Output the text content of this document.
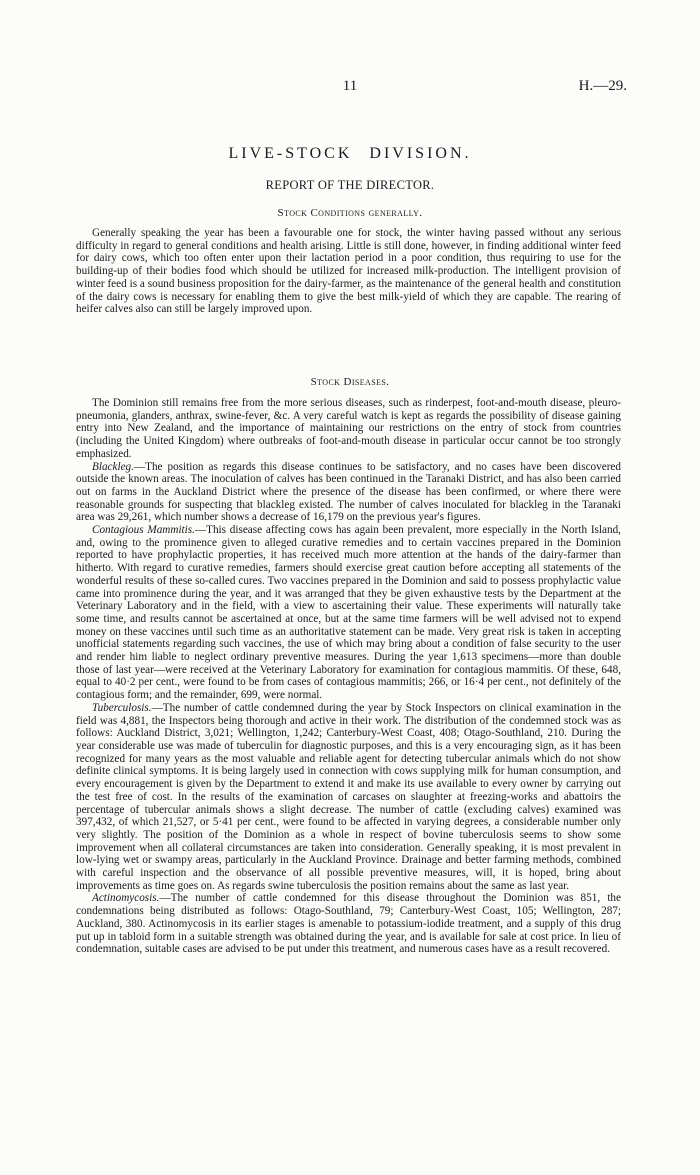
11	H.—29.
LIVE-STOCK DIVISION.
REPORT OF THE DIRECTOR.
Stock Conditions generally.

Generally speaking the year has been a favourable one for stock, the winter having passed without any serious difficulty in regard to general conditions and health arising. Little is still done, however, in finding additional winter feed for dairy cows, which too often enter upon their lactation period in a poor condition, thus requiring to use for the building-up of their bodies food which should be utilized for increased milk-production. The intelligent provision of winter feed is a sound business proposition for the dairy-farmer, as the maintenance of the general health and constitution of the dairy cows is necessary for enabling them to give the best milk-yield of which they are capable. The rearing of heifer calves also can still be largely improved upon.

Stock Diseases.

The Dominion still remains free from the more serious diseases, such as rinderpest, foot-and-mouth disease, pleuro-pneumonia, glanders, anthrax, swine-fever, &c. A very careful watch is kept as regards the possibility of disease gaining entry into New Zealand, and the importance of maintaining our restrictions on the entry of stock from countries (including the United Kingdom) where outbreaks of foot-and-mouth disease in particular occur cannot be too strongly emphasized.

Blackleg.—The position as regards this disease continues to be satisfactory, and no cases have been discovered outside the known areas. The inoculation of calves has been continued in the Taranaki District, and has also been carried out on farms in the Auckland District where the presence of the disease has been confirmed, or where there were reasonable grounds for suspecting that blackleg existed. The number of calves inoculated for blackleg in the Taranaki area was 29,261, which number shows a decrease of 16,179 on the previous year's figures.

Contagious Mammitis.—This disease affecting cows has again been prevalent, more especially in the North Island, and, owing to the prominence given to alleged curative remedies and to certain vaccines prepared in the Dominion reported to have prophylactic properties, it has received much more attention at the hands of the dairy-farmer than hitherto. With regard to curative remedies, farmers should exercise great caution before accepting all statements of the wonderful results of these so-called cures. Two vaccines prepared in the Dominion and said to possess prophylactic value came into prominence during the year, and it was arranged that they be given exhaustive tests by the Department at the Veterinary Laboratory and in the field, with a view to ascertaining their value. These experiments will naturally take some time, and results cannot be ascertained at once, but at the same time farmers will be well advised not to expend money on these vaccines until such time as an authoritative statement can be made. Very great risk is taken in accepting unofficial statements regarding such vaccines, the use of which may bring about a condition of false security to the user and render him liable to neglect ordinary preventive measures. During the year 1,613 specimens—more than double those of last year—were received at the Veterinary Laboratory for examination for contagious mammitis. Of these, 648, equal to 40·2 per cent., were found to be from cases of contagious mammitis; 266, or 16·4 per cent., not definitely of the contagious form; and the remainder, 699, were normal.

Tuberculosis.—The number of cattle condemned during the year by Stock Inspectors on clinical examination in the field was 4,881, the Inspectors being thorough and active in their work. The distribution of the condemned stock was as follows: Auckland District, 3,021; Wellington, 1,242; Canterbury-West Coast, 408; Otago-Southland, 210. During the year considerable use was made of tuberculin for diagnostic purposes, and this is a very encouraging sign, as it has been recognized for many years as the most valuable and reliable agent for detecting tubercular animals which do not show definite clinical symptoms. It is being largely used in connection with cows supplying milk for human consumption, and every encouragement is given by the Department to extend it and make its use available to every owner by carrying out the test free of cost. In the results of the examination of carcases on slaughter at freezing-works and abattoirs the percentage of tubercular animals shows a slight decrease. The number of cattle (excluding calves) examined was 397,432, of which 21,527, or 5·41 per cent., were found to be affected in varying degrees, a considerable number only very slightly. The position of the Dominion as a whole in respect of bovine tuberculosis seems to show some improvement when all collateral circumstances are taken into consideration. Generally speaking, it is most prevalent in low-lying wet or swampy areas, particularly in the Auckland Province. Drainage and better farming methods, combined with careful inspection and the observance of all possible preventive measures, will, it is hoped, bring about improvements as time goes on. As regards swine tuberculosis the position remains about the same as last year.

Actinomycosis.—The number of cattle condemned for this disease throughout the Dominion was 851, the condemnations being distributed as follows: Otago-Southland, 79; Canterbury-West Coast, 105; Wellington, 287; Auckland, 380. Actinomycosis in its earlier stages is amenable to potassium-iodide treatment, and a supply of this drug put up in tabloid form in a suitable strength was obtained during the year, and is available for sale at cost price. In lieu of condemnation, suitable cases are advised to be put under this treatment, and numerous cases have as a result recovered.
